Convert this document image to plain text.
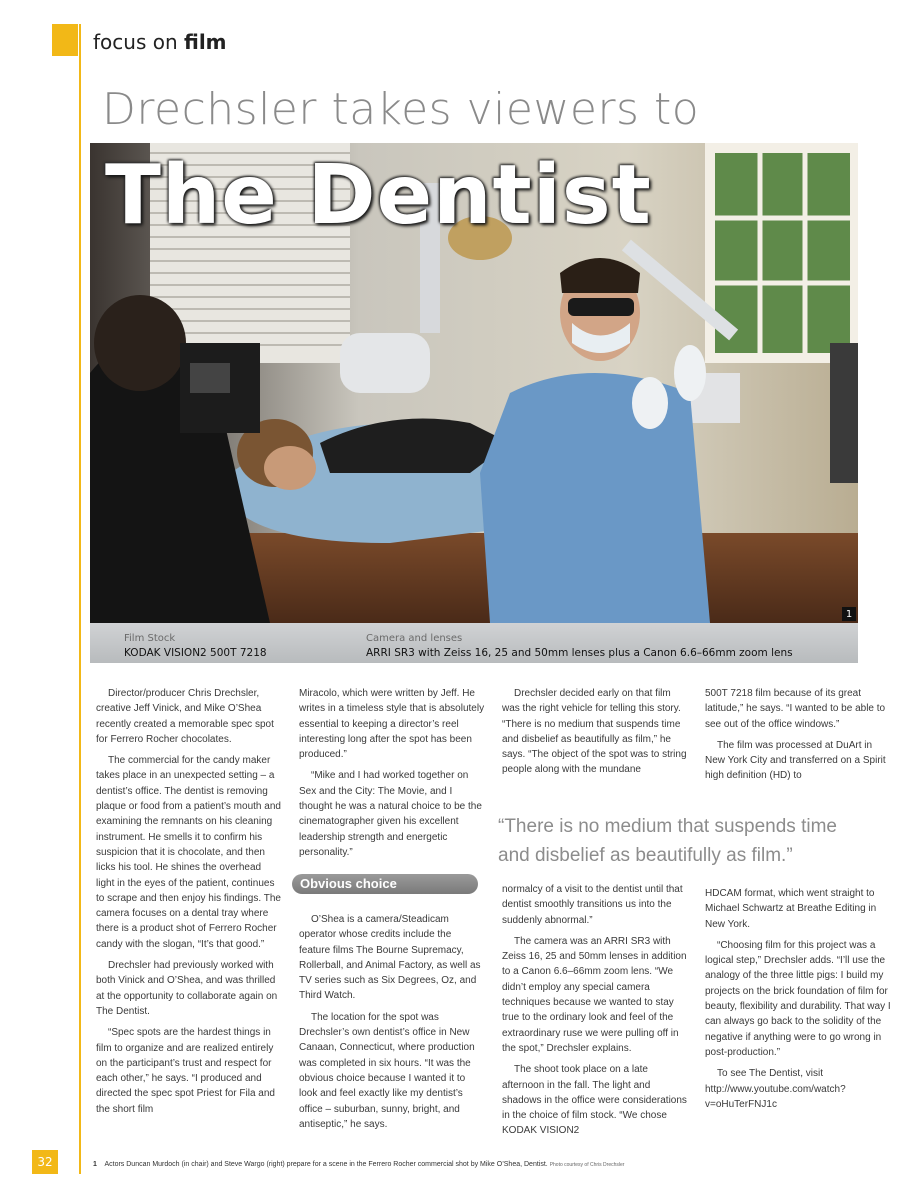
32
focus on film
Drechsler takes viewers to
The Dentist
1
Film Stock
KODAK VISION2 500T 7218
Camera and lenses
ARRI SR3 with Zeiss 16, 25 and 50mm lenses plus a Canon 6.6–66mm zoom lens

Director/producer Chris Drechsler, creative Jeff Vinick, and Mike O’Shea recently created a memorable spec spot for Ferrero Rocher chocolates.

The commercial for the candy maker takes place in an unexpected setting – a dentist’s office. The dentist is removing plaque or food from a patient’s mouth and examining the remnants on his cleaning instrument. He smells it to confirm his suspicion that it is chocolate, and then licks his tool. He shines the overhead light in the eyes of the patient, continues to scrape and then enjoy his findings. The camera focuses on a dental tray where there is a product shot of Ferrero Rocher candy with the slogan, “It’s that good.”

Drechsler had previously worked with both Vinick and O’Shea, and was thrilled at the opportunity to collaborate again on The Dentist.

“Spec spots are the hardest things in film to organize and are realized entirely on the participant’s trust and respect for each other,” he says. “I produced and directed the spec spot Priest for Fila and the short film

Miracolo, which were written by Jeff. He writes in a timeless style that is absolutely essential to keeping a director’s reel interesting long after the spot has been produced.”

“Mike and I had worked together on Sex and the City: The Movie, and I thought he was a natural choice to be the cinematographer given his excellent leadership strength and energetic personality.”

Obvious choice

O’Shea is a camera/Steadicam operator whose credits include the feature films The Bourne Supremacy, Rollerball, and Animal Factory, as well as TV series such as Six Degrees, Oz, and Third Watch.

The location for the spot was Drechsler’s own dentist’s office in New Canaan, Connecticut, where production was completed in six hours. “It was the obvious choice because I wanted it to look and feel exactly like my dentist’s office – suburban, sunny, bright, and antiseptic,” he says.

Drechsler decided early on that film was the right vehicle for telling this story. “There is no medium that suspends time and disbelief as beautifully as film,” he says. “The object of the spot was to string people along with the mundane

“There is no medium that suspends time and disbelief as beautifully as film.”

normalcy of a visit to the dentist until that dentist smoothly transitions us into the suddenly abnormal.”

The camera was an ARRI SR3 with Zeiss 16, 25 and 50mm lenses in addition to a Canon 6.6–66mm zoom lens. “We didn’t employ any special camera techniques because we wanted to stay true to the ordinary look and feel of the extraordinary ruse we were pulling off in the spot,” Drechsler explains.

The shoot took place on a late afternoon in the fall. The light and shadows in the office were considerations in the choice of film stock. “We chose KODAK VISION2

500T 7218 film because of its great latitude,” he says. “I wanted to be able to see out of the office windows.”

The film was processed at DuArt in New York City and transferred on a Spirit high definition (HD) to

HDCAM format, which went straight to Michael Schwartz at Breathe Editing in New York.

“Choosing film for this project was a logical step,” Drechsler adds. “I’ll use the analogy of the three little pigs: I build my projects on the brick foundation of film for beauty, flexibility and durability. That way I can always go back to the solidity of the negative if anything were to go wrong in post-production.”

To see The Dentist, visit http://www.youtube.com/watch?v=oHuTerFNJ1c

1 Actors Duncan Murdoch (in chair) and Steve Wargo (right) prepare for a scene in the Ferrero Rocher commercial shot by Mike O’Shea, Dentist. Photo courtesy of Chris Drechsler
